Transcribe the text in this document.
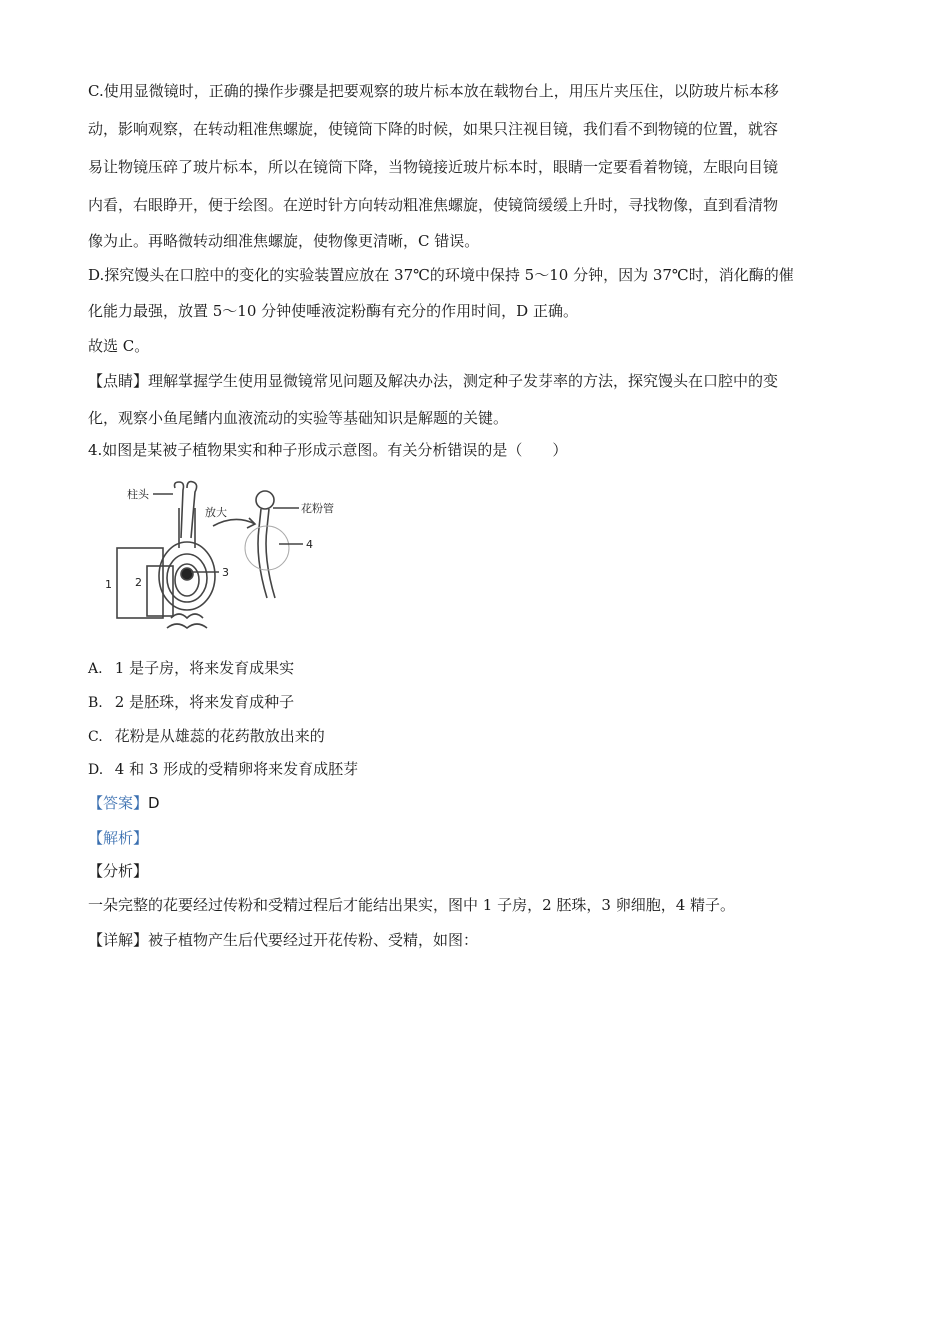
C.使用显微镜时，正确的操作步骤是把要观察的玻片标本放在载物台上，用压片夹压住，以防玻片标本移
动，影响观察，在转动粗准焦螺旋，使镜筒下降的时候，如果只注视目镜，我们看不到物镜的位置，就容
易让物镜压碎了玻片标本，所以在镜筒下降，当物镜接近玻片标本时，眼睛一定要看着物镜，左眼向目镜
内看，右眼睁开，便于绘图。在逆时针方向转动粗准焦螺旋，使镜筒缓缓上升时，寻找物像，直到看清物
像为止。再略微转动细准焦螺旋，使物像更清晰，C 错误。
D.探究馒头在口腔中的变化的实验装置应放在 37℃的环境中保持 5～10 分钟，因为 37℃时，消化酶的催
化能力最强，放置 5～10 分钟使唾液淀粉酶有充分的作用时间，D 正确。
故选 C。
【点睛】理解掌握学生使用显微镜常见问题及解决办法，测定种子发芽率的方法，探究馒头在口腔中的变
化，观察小鱼尾鳍内血液流动的实验等基础知识是解题的关键。
4.如图是某被子植物果实和种子形成示意图。有关分析错误的是（　　）
柱头
1 2
3
放大	花粉管
4
A. 1 是子房，将来发育成果实
B. 2 是胚珠，将来发育成种子
C. 花粉是从雄蕊的花药散放出来的
D. 4 和 3 形成的受精卵将来发育成胚芽
【答案】D
【解析】
【分析】
一朵完整的花要经过传粉和受精过程后才能结出果实，图中 1 子房，2 胚珠，3 卵细胞，4 精子。
【详解】被子植物产生后代要经过开花传粉、受精，如图：
